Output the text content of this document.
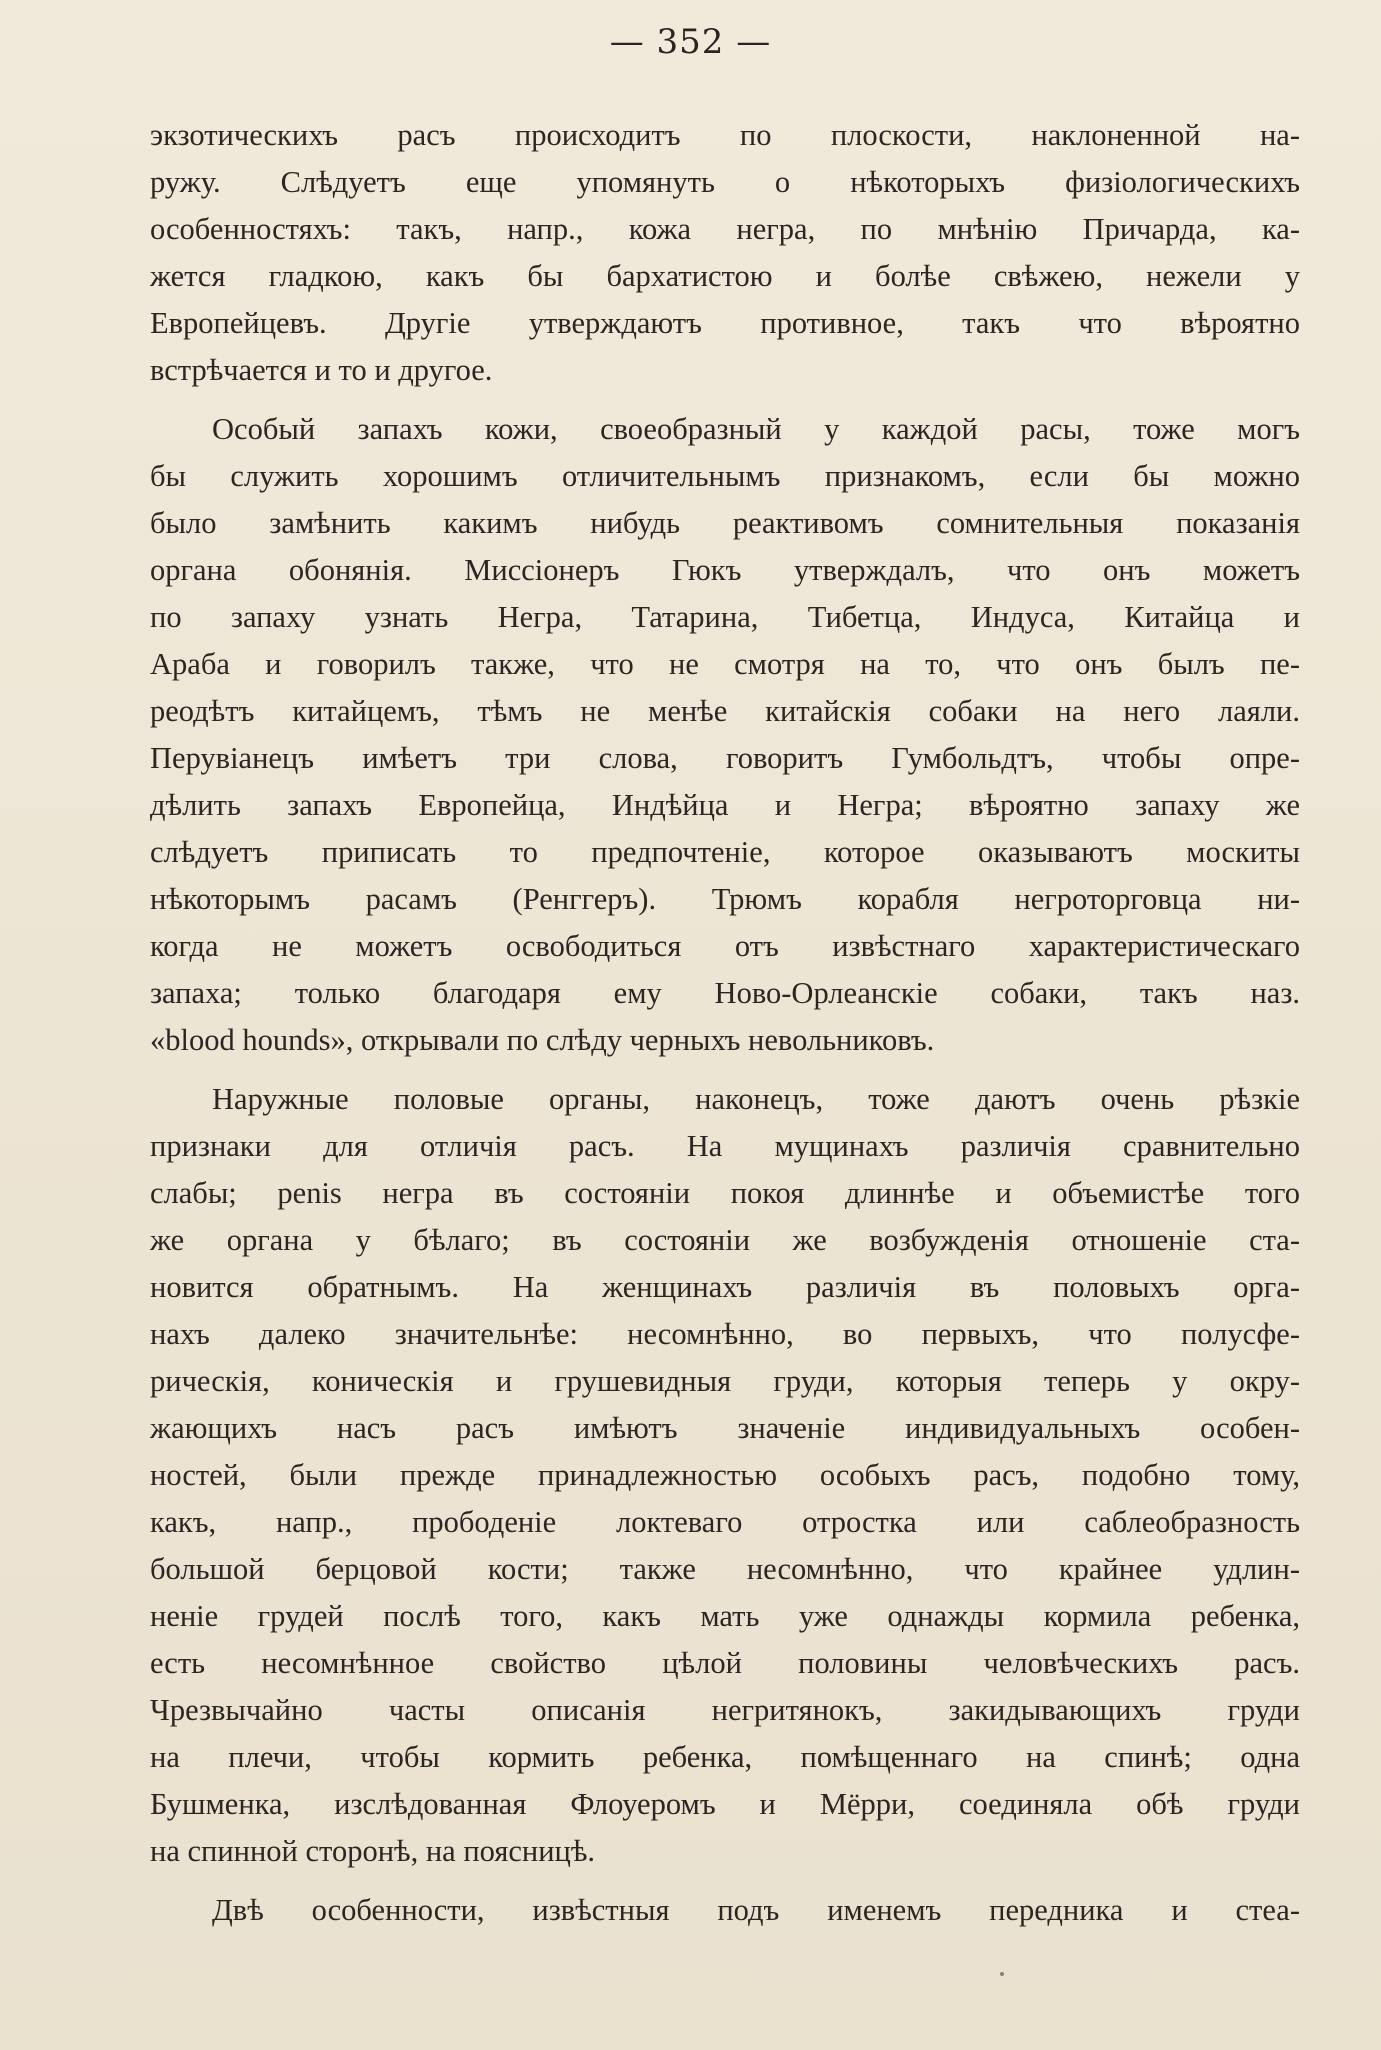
— 352 —
экзотическихъ расъ происходитъ по плоскости, наклоненной на-
ружу. Слѣдуетъ еще упомянуть о нѣкоторыхъ физіологическихъ
особенностяхъ: такъ, напр., кожа негра, по мнѣнію Причарда, ка-
жется гладкою, какъ бы бархатистою и болѣе свѣжею, нежели у
Европейцевъ. Другіе утверждаютъ противное, такъ что вѣроятно
встрѣчается и то и другое.
Особый запахъ кожи, своеобразный у каждой расы, тоже могъ
бы служить хорошимъ отличительнымъ признакомъ, если бы можно
было замѣнить какимъ нибудь реактивомъ сомнительныя показанія
органа обонянія. Миссіонеръ Гюкъ утверждалъ, что онъ можетъ
по запаху узнать Негра, Татарина, Тибетца, Индуса, Китайца и
Араба и говорилъ также, что не смотря на то, что онъ былъ пе-
реодѣтъ китайцемъ, тѣмъ не менѣе китайскія собаки на него лаяли.
Перувіанецъ имѣетъ три слова, говоритъ Гумбольдтъ, чтобы опре-
дѣлить запахъ Европейца, Индѣйца и Негра; вѣроятно запаху же
слѣдуетъ приписать то предпочтеніе, которое оказываютъ москиты
нѣкоторымъ расамъ (Ренггеръ). Трюмъ корабля негроторговца ни-
когда не можетъ освободиться отъ извѣстнаго характеристическаго
запаха; только благодаря ему Ново-Орлеанскіе собаки, такъ наз.
«blood hounds», открывали по слѣду черныхъ невольниковъ.
Наружные половые органы, наконецъ, тоже даютъ очень рѣзкіе
признаки для отличія расъ. На мущинахъ различія сравнительно
слабы; penis негра въ состояніи покоя длиннѣе и объемистѣе того
же органа у бѣлаго; въ состояніи же возбужденія отношеніе ста-
новится обратнымъ. На женщинахъ различія въ половыхъ орга-
нахъ далеко значительнѣе: несомнѣнно, во первыхъ, что полусфе-
рическія, коническія и грушевидныя груди, которыя теперь у окру-
жающихъ насъ расъ имѣютъ значеніе индивидуальныхъ особен-
ностей, были прежде принадлежностью особыхъ расъ, подобно тому,
какъ, напр., прободеніе локтеваго отростка или саблеобразность
большой берцовой кости; также несомнѣнно, что крайнее удлин-
неніе грудей послѣ того, какъ мать уже однажды кормила ребенка,
есть несомнѣнное свойство цѣлой половины человѣческихъ расъ.
Чрезвычайно часты описанія негритянокъ, закидывающихъ груди
на плечи, чтобы кормить ребенка, помѣщеннаго на спинѣ; одна
Бушменка, изслѣдованная Флоуеромъ и Мёрри, соединяла обѣ груди
на спинной сторонѣ, на поясницѣ.
Двѣ особенности, извѣстныя подъ именемъ передника и стеа-
